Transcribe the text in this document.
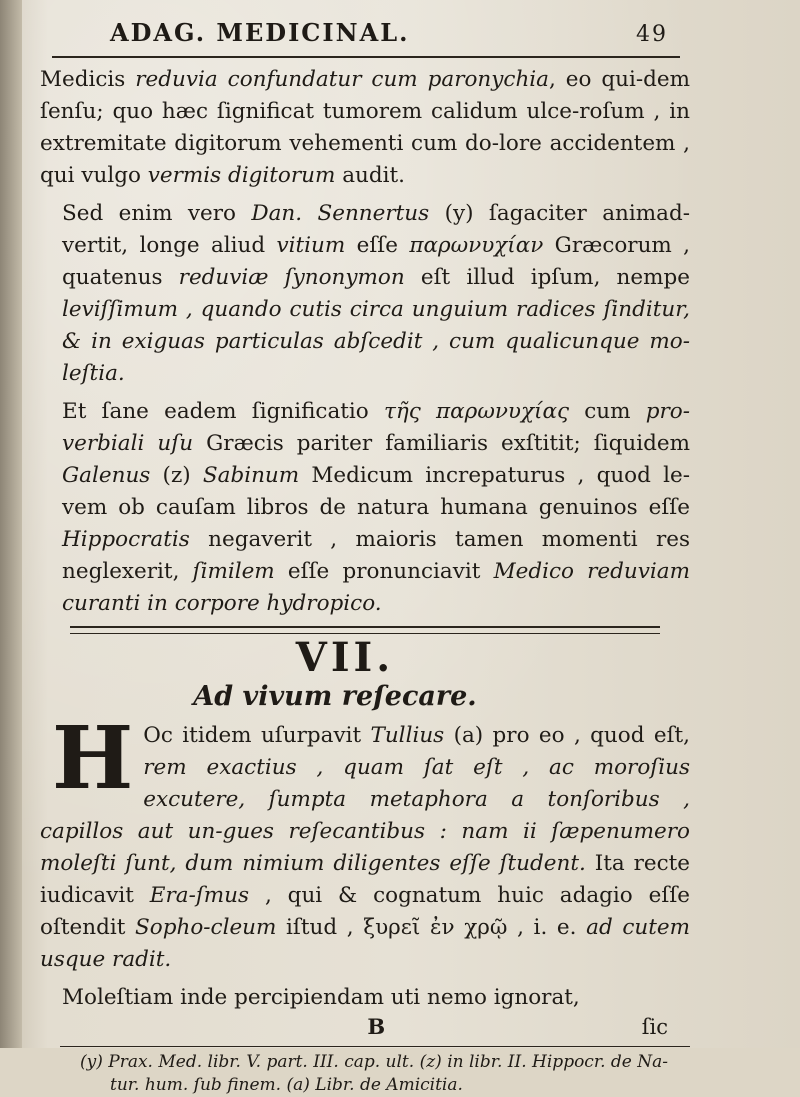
ADAG. MEDICINAL.	49

Medicis reduvia confundatur cum paronychia, eo qui-dem ſenſu; quo hæc ſignificat tumorem calidum ulce-roſum , in extremitate digitorum vehementi cum do-lore accidentem , qui vulgo vermis digitorum audit.

Sed enim vero Dan. Sennertus (y) ſagaciter animad-vertit, longe aliud vitium eſſe παρωνυχίαν Græcorum , quatenus reduviæ ſynonymon eſt illud ipſum, nempe leviſſimum , quando cutis circa unguium radices ſinditur, & in exiguas particulas abſcedit , cum qualicunque mo-leſtia.

Et ſane eadem ſignificatio τῆς παρωνυχίας cum pro-verbiali uſu Græcis pariter familiaris exſtitit; ſiquidem Galenus (z) Sabinum Medicum increpaturus , quod le-vem ob cauſam libros de natura humana genuinos eſſe Hippocratis negaverit , maioris tamen momenti res neglexerit, ſimilem eſſe pronunciavit Medico reduviam curanti in corpore hydropico.

VII.
Ad vivum reſecare.
H Oc itidem uſurpavit Tullius (a) pro eo , quod eſt, rem exactius , quam ſat eſt , ac moroſius excutere, ſumpta metaphora a tonſoribus , capillos aut un-gues reſecantibus : nam ii ſæpenumero moleſti ſunt, dum nimium diligentes eſſe ſtudent. Ita recte iudicavit Era-ſmus , qui & cognatum huic adagio eſſe oſtendit Sopho-cleum iſtud , ξυρεῖ ἐν χρῷ , i. e. ad cutem usque radit.

Moleſtiam inde percipiendam uti nemo ignorat,

B	ſic
(y) Prax. Med. libr. V. part. III. cap. ult. (z) in libr. II. Hippocr. de Na-
tur. hum. ſub finem. (a) Libr. de Amicitia.
